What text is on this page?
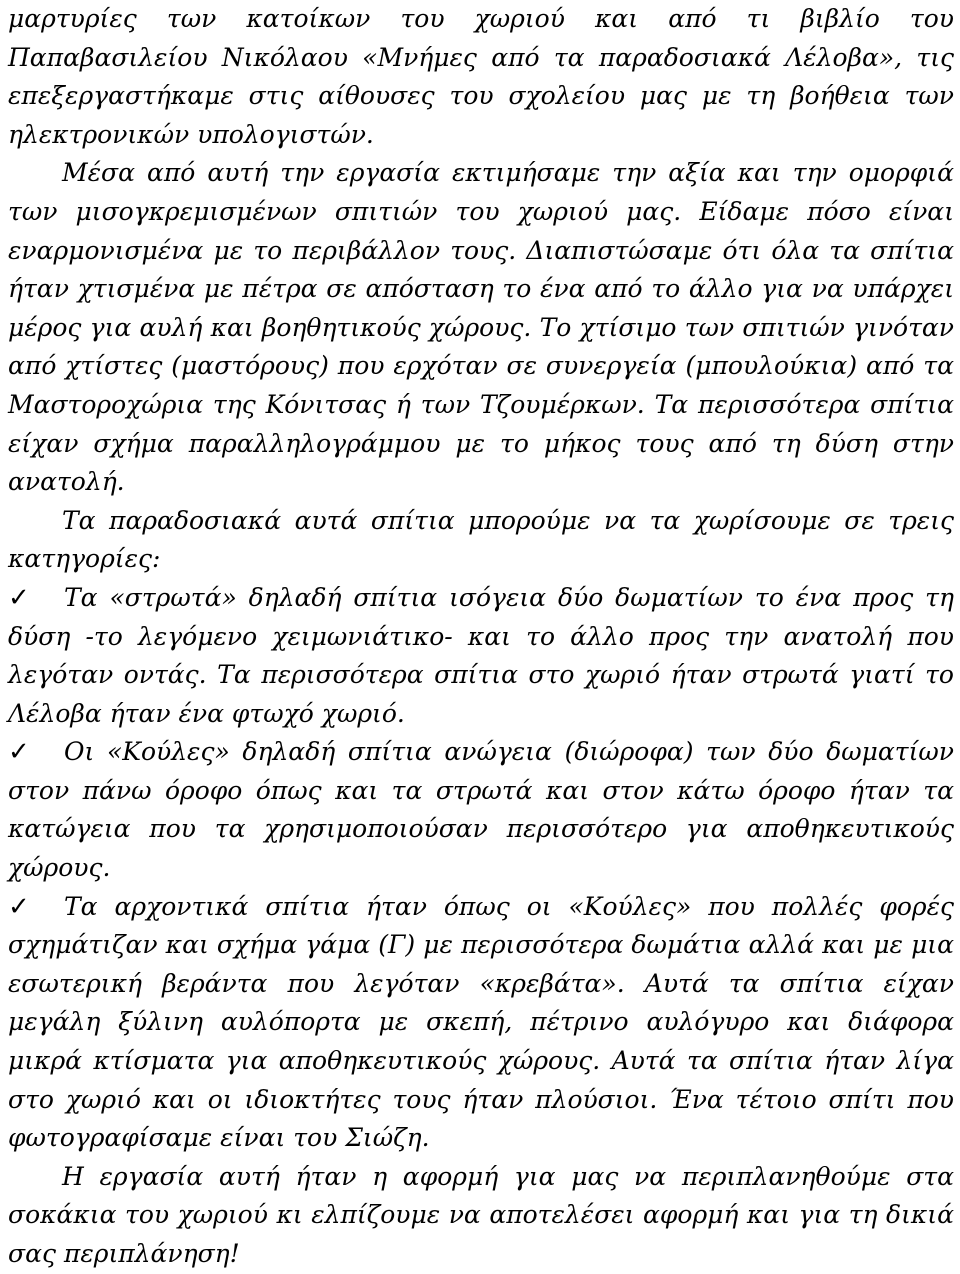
μαρτυρίες των κατοίκων του χωριού και από τι βιβλίο του Παπαβασιλείου Νικόλαου «Μνήμες από τα παραδοσιακά Λέλοβα», τις επεξεργαστήκαμε στις αίθουσες του σχολείου μας με τη βοήθεια των ηλεκτρονικών υπολογιστών.

Μέσα από αυτή την εργασία εκτιμήσαμε την αξία και την ομορφιά των μισογκρεμισμένων σπιτιών του χωριού μας. Είδαμε πόσο είναι εναρμονισμένα με το περιβάλλον τους. Διαπιστώσαμε ότι όλα τα σπίτια ήταν χτισμένα με πέτρα σε απόσταση το ένα από το άλλο για να υπάρχει μέρος για αυλή και βοηθητικούς χώρους. Το χτίσιμο των σπιτιών γινόταν από χτίστες (μαστόρους) που ερχόταν σε συνεργεία (μπουλούκια) από τα Μαστοροχώρια της Κόνιτσας ή των Τζουμέρκων. Τα περισσότερα σπίτια είχαν σχήμα παραλληλογράμμου με το μήκος τους από τη δύση στην ανατολή.

Τα παραδοσιακά αυτά σπίτια μπορούμε να τα χωρίσουμε σε τρεις κατηγορίες:

✓ Τα «στρωτά» δηλαδή σπίτια ισόγεια δύο δωματίων το ένα προς τη δύση -το λεγόμενο χειμωνιάτικο- και το άλλο προς την ανατολή που λεγόταν οντάς. Τα περισσότερα σπίτια στο χωριό ήταν στρωτά γιατί το Λέλοβα ήταν ένα φτωχό χωριό.

✓ Οι «Κούλες» δηλαδή σπίτια ανώγεια (διώροφα) των δύο δωματίων στον πάνω όροφο όπως και τα στρωτά και στον κάτω όροφο ήταν τα κατώγεια που τα χρησιμοποιούσαν περισσότερο για αποθηκευτικούς χώρους.

✓ Τα αρχοντικά σπίτια ήταν όπως οι «Κούλες» που πολλές φορές σχημάτιζαν και σχήμα γάμα (Γ) με περισσότερα δωμάτια αλλά και με μια εσωτερική βεράντα που λεγόταν «κρεβάτα». Αυτά τα σπίτια είχαν μεγάλη ξύλινη αυλόπορτα με σκεπή, πέτρινο αυλόγυρο και διάφορα μικρά κτίσματα για αποθηκευτικούς χώρους. Αυτά τα σπίτια ήταν λίγα στο χωριό και οι ιδιοκτήτες τους ήταν πλούσιοι. Ένα τέτοιο σπίτι που φωτογραφίσαμε είναι του Σιώζη.

Η εργασία αυτή ήταν η αφορμή για μας να περιπλανηθούμε στα σοκάκια του χωριού κι ελπίζουμε να αποτελέσει αφορμή και για τη δικιά σας περιπλάνηση!
